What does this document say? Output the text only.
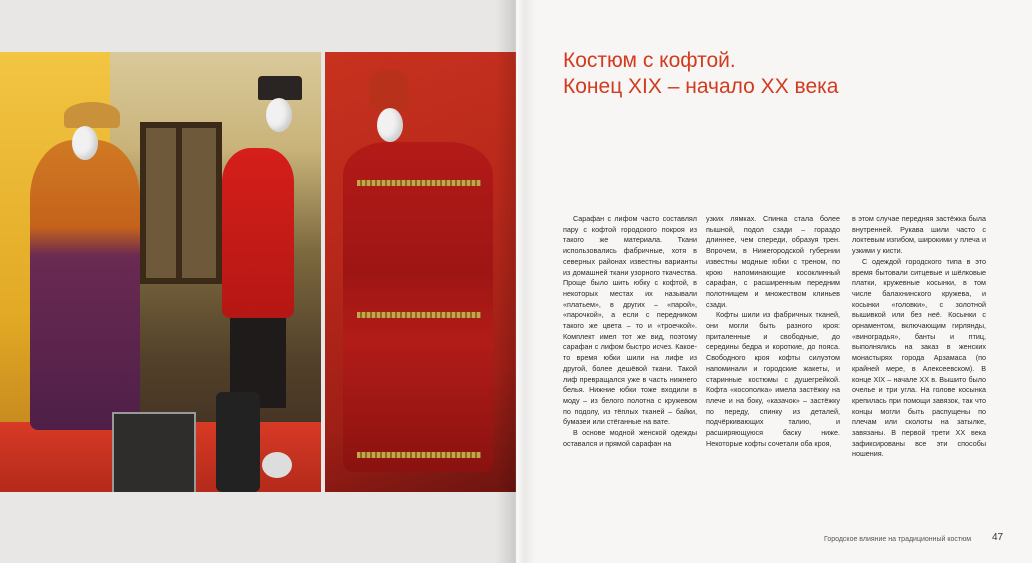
Костюм с кофтой.
Конец XIX – начало XX века

Сарафан с лифом часто составлял пару с кофтой городского покроя из такого же материала. Ткани использовались фабричные, хотя в северных районах известны варианты из домашней ткани узорного ткачества. Проще было шить юбку с кофтой, в некоторых местах их называли «платьем», в других – «парой», «парочкой», а если с передником такого же цвета – то и «троечкой». Комплект имел тот же вид, поэтому сарафан с лифом быстро исчез. Какое-то время юбки шили на лифе из другой, более дешёвой ткани. Такой лиф превращался уже в часть нижнего белья. Нижние юбки тоже входили в моду – из белого полотна с кружевом по подолу, из тёплых тканей – байки, бумазеи или стёганные на вате.

В основе модной женской одежды оставался и прямой сарафан на

узких лямках. Спинка стала более пышной, подол сзади – гораздо длиннее, чем спереди, образуя трен. Впрочем, в Нижегородской губернии известны модные юбки с треном, по крою напоминающие косоклинный сарафан, с расширенным передним полотнищем и множеством клиньев сзади.

Кофты шили из фабричных тканей, они могли быть разного кроя: приталенные и свободные, до середины бедра и короткие, до пояса. Свободного кроя кофты силуэтом напоминали и городские жакеты, и старинные костюмы с душегрейкой. Кофта «косополка» имела застёжку на плече и на боку, «казачок» – застёжку по переду, спинку из деталей, подчёркивающих талию, и расширяющуюся баску ниже. Некоторые кофты сочетали оба кроя,

в этом случае передняя застёжка была внутренней. Рукава шили часто с локтевым изгибом, широкими у плеча и узкими у кисти.

С одеждой городского типа в это время бытовали ситцевые и шёлковые платки, кружевные косынки, в том числе балахнинского кружева, и косынки «головки», с золотной вышивкой или без неё. Косынки с орнаментом, включающим гирлянды, «виноградья», банты и птиц, выполнялись на заказ в женских монастырях города Арзамаса (по крайней мере, в Алексеевском). В конце XIX – начале XX в. Вышито было очелье и три угла. На голове косынка крепилась при помощи завязок, так что концы могли быть распущены по плечам или сколоты на затылке, завязаны. В первой трети XX века зафиксированы все эти способы ношения.

Городское влияние на традиционный костюм 47
